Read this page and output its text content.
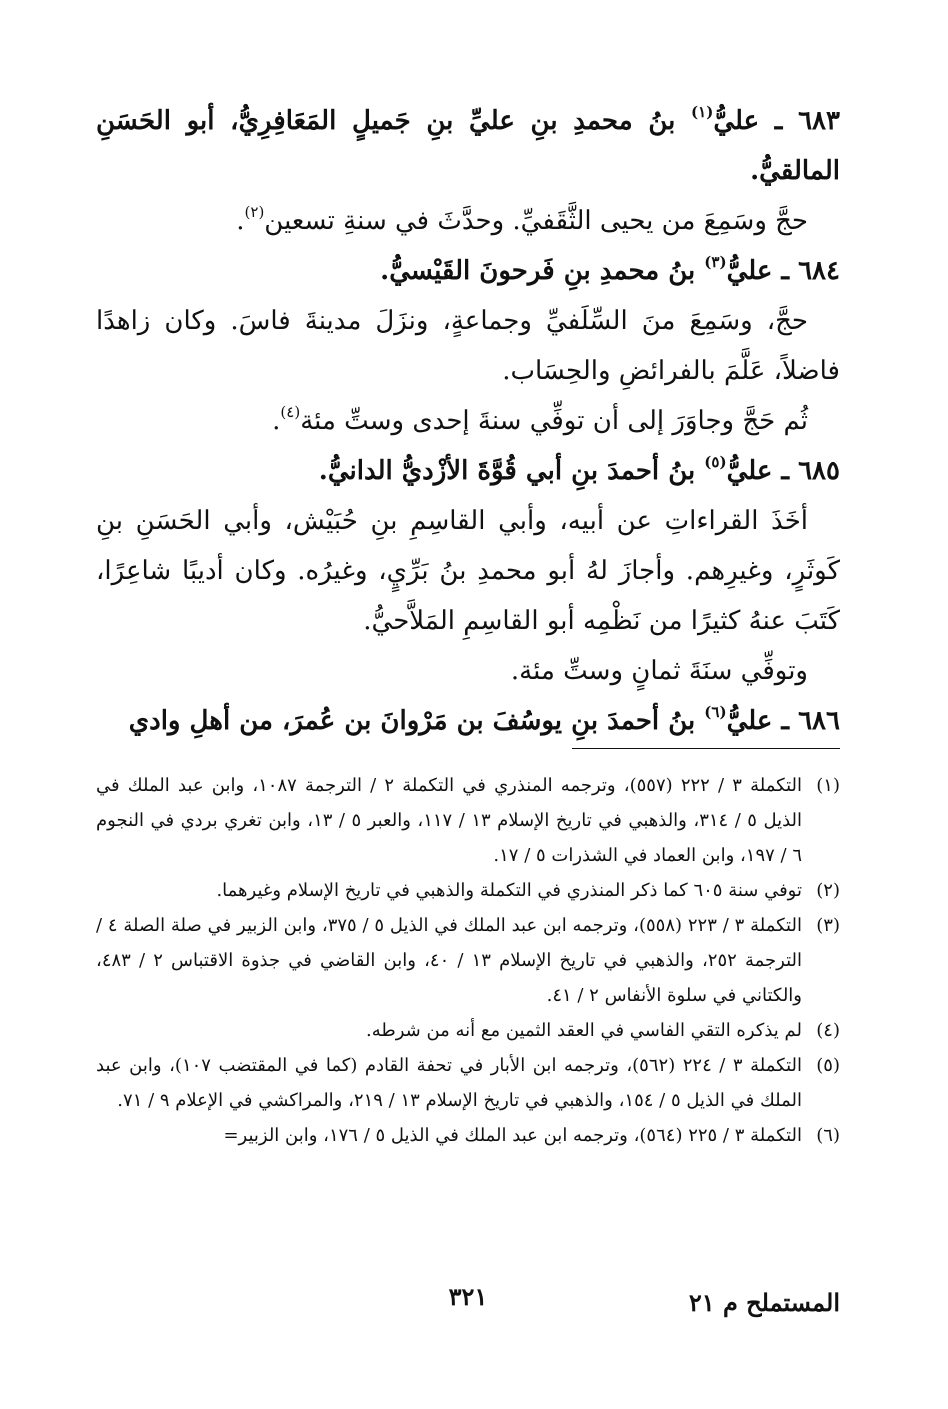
٦٨٣ ـ عليُّ$^{(١)}$ بنُ محمدِ بنِ عليِّ بنِ جَميلٍ المَعَافِرِيُّ، أبو الحَسَنِ المالقيُّ.

حجَّ وسَمِعَ من يحيى الثَّقَفيِّ. وحدَّثَ في سنةِ تسعين$^{(٢)}$.

٦٨٤ ـ عليُّ$^{(٣)}$ بنُ محمدِ بنِ فَرحونَ القَيْسيُّ.

حجَّ، وسَمِعَ منَ السِّلَفيِّ وجماعةٍ، ونزَلَ مدينةَ فاسَ. وكان زاهدًا فاضلاً، عَلَّمَ بالفرائضِ والحِسَاب.

ثُم حَجَّ وجاوَرَ إلى أن توفِّي سنةَ إحدى وستِّ مئة$^{(٤)}$.

٦٨٥ ـ عليُّ$^{(٥)}$ بنُ أحمدَ بنِ أبي قُوَّةَ الأزْديُّ الدانيُّ.

أخَذَ القراءاتِ عن أبيه، وأبي القاسِمِ بنِ حُبَيْش، وأبي الحَسَنِ بنِ كَوثَرٍ، وغيرِهم. وأجازَ لهُ أبو محمدِ بنُ بَرِّيٍ، وغيرُه. وكان أديبًا شاعِرًا، كَتَبَ عنهُ كثيرًا من نَظْمِه أبو القاسِمِ المَلاَّحيُّ.

وتوفِّي سنَةَ ثمانٍ وستِّ مئة.

٦٨٦ ـ عليُّ$^{(٦)}$ بنُ أحمدَ بنِ يوسُفَ بن مَرْوانَ بن عُمرَ، من أهلِ وادي

(١)
التكملة ٣ / ٢٢٢ (٥٥٧)، وترجمه المنذري في التكملة ٢ / الترجمة ١٠٨٧، وابن عبد الملك في الذيل ٥ / ٣١٤، والذهبي في تاريخ الإسلام ١٣ / ١١٧، والعبر ٥ / ١٣، وابن تغري بردي في النجوم ٦ / ١٩٧، وابن العماد في الشذرات ٥ / ١٧.
(٢)
توفي سنة ٦٠٥ كما ذكر المنذري في التكملة والذهبي في تاريخ الإسلام وغيرهما.
(٣)
التكملة ٣ / ٢٢٣ (٥٥٨)، وترجمه ابن عبد الملك في الذيل ٥ / ٣٧٥، وابن الزبير في صلة الصلة ٤ / الترجمة ٢٥٢، والذهبي في تاريخ الإسلام ١٣ / ٤٠، وابن القاضي في جذوة الاقتباس ٢ / ٤٨٣، والكتاني في سلوة الأنفاس ٢ / ٤١.
(٤)
لم يذكره التقي الفاسي في العقد الثمين مع أنه من شرطه.
(٥)
التكملة ٣ / ٢٢٤ (٥٦٢)، وترجمه ابن الأبار في تحفة القادم (كما في المقتضب ١٠٧)، وابن عبد الملك في الذيل ٥ / ١٥٤، والذهبي في تاريخ الإسلام ١٣ / ٢١٩، والمراكشي في الإعلام ٩ / ٧١.
(٦)
التكملة ٣ / ٢٢٥ (٥٦٤)، وترجمه ابن عبد الملك في الذيل ٥ / ١٧٦، وابن الزبير=
المستملح م ٢١
٣٢١
